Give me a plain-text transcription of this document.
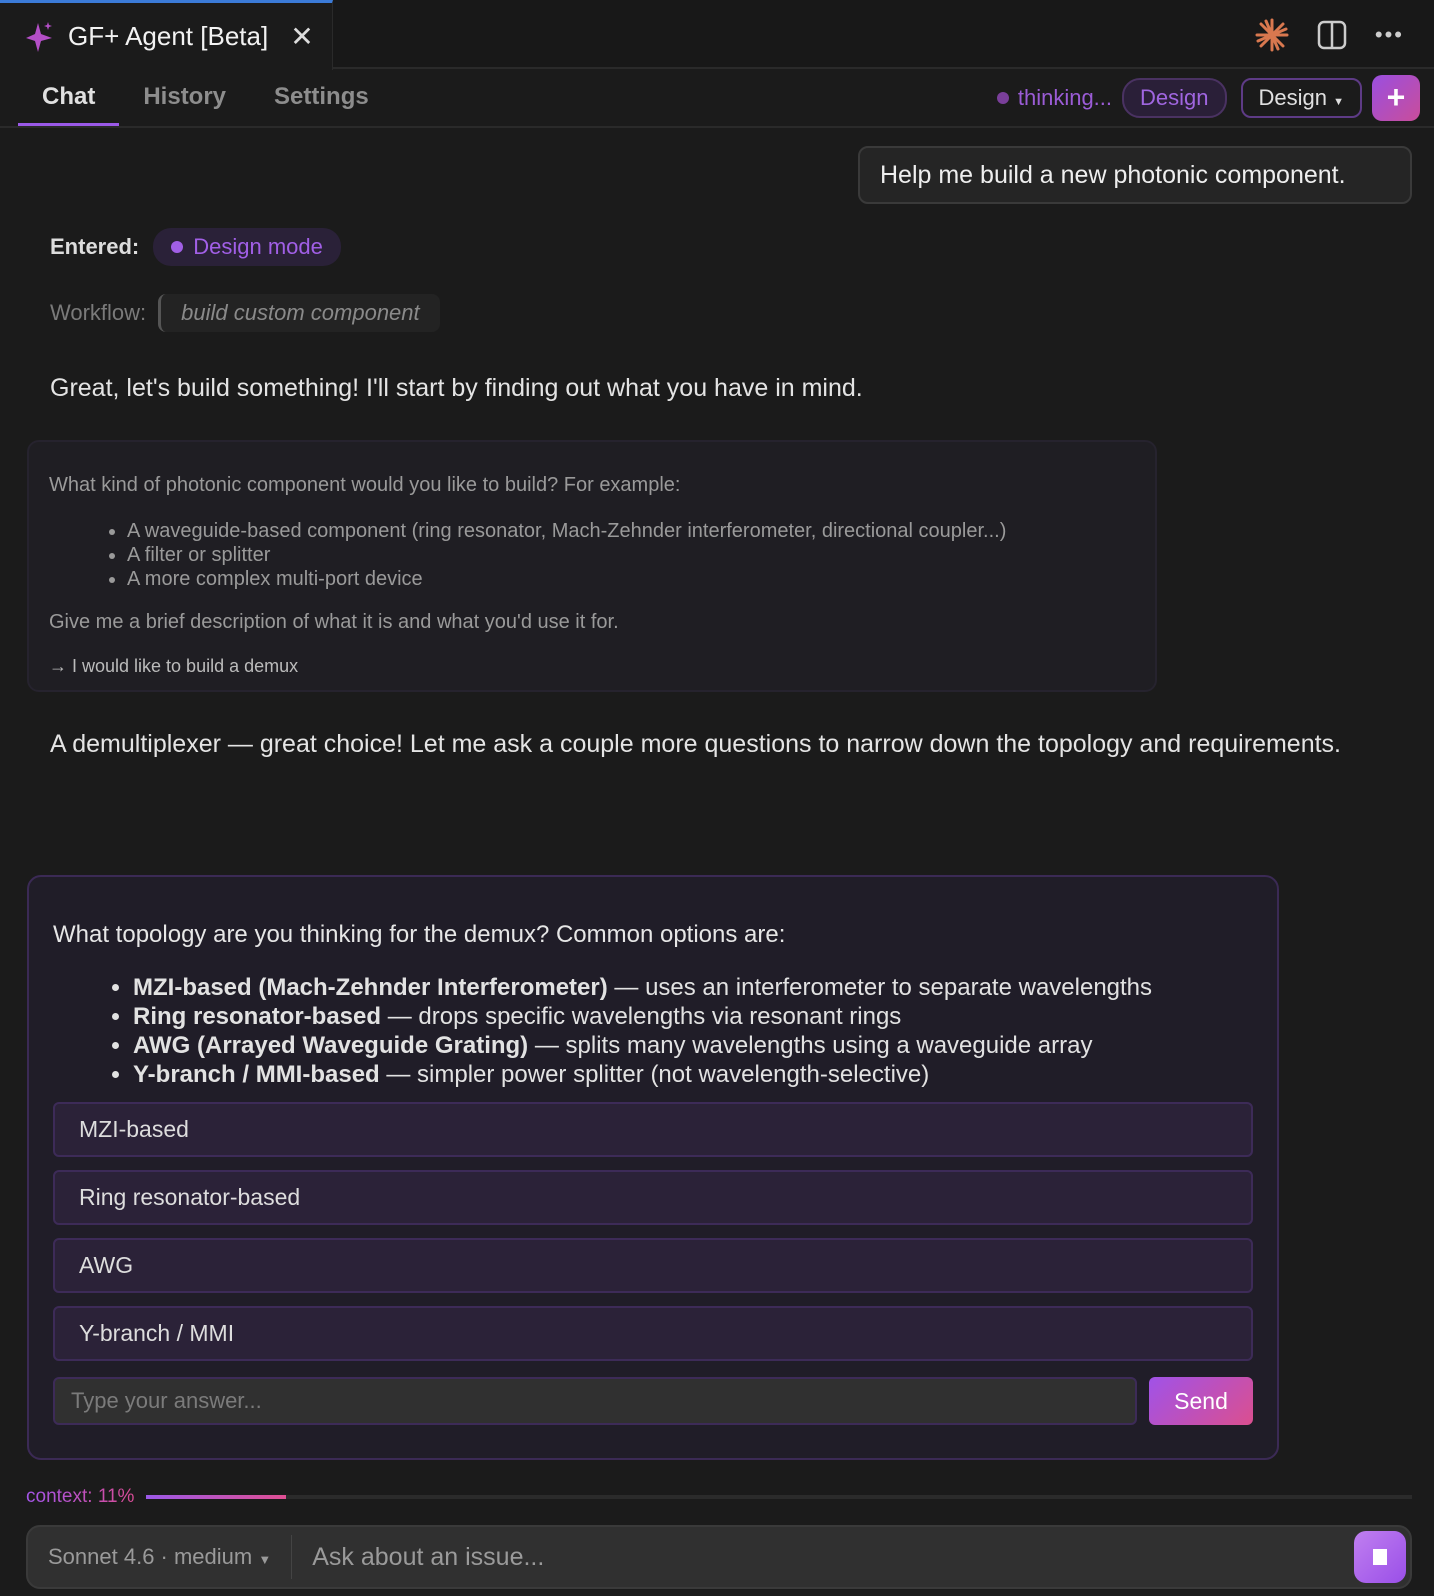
GF+ Agent [Beta] ✕	•••
Chat	History	Settings	thinking...	Design	Design ▼	+
Help me build a new photonic component.
Entered: Design mode
Workflow:	build custom component
Great, let's build something! I'll start by finding out what you have in mind.
What kind of photonic component would you like to build? For example:
• A waveguide-based component (ring resonator, Mach-Zehnder interferometer, directional coupler...)
• A filter or splitter
• A more complex multi-port device
Give me a brief description of what it is and what you'd use it for.
→ I would like to build a demux
A demultiplexer — great choice! Let me ask a couple more questions to narrow down the topology and requirements.
What topology are you thinking for the demux? Common options are:
• MZI-based (Mach-Zehnder Interferometer) — uses an interferometer to separate wavelengths
• Ring resonator-based — drops specific wavelengths via resonant rings
• AWG (Arrayed Waveguide Grating) — splits many wavelengths using a waveguide array
• Y-branch / MMI-based — simpler power splitter (not wavelength-selective)
MZI-based
Ring resonator-based
AWG
Y-branch / MMI
Type your answer...
Send
context: 11%
Sonnet 4.6 · medium ▼
Ask about an issue...
